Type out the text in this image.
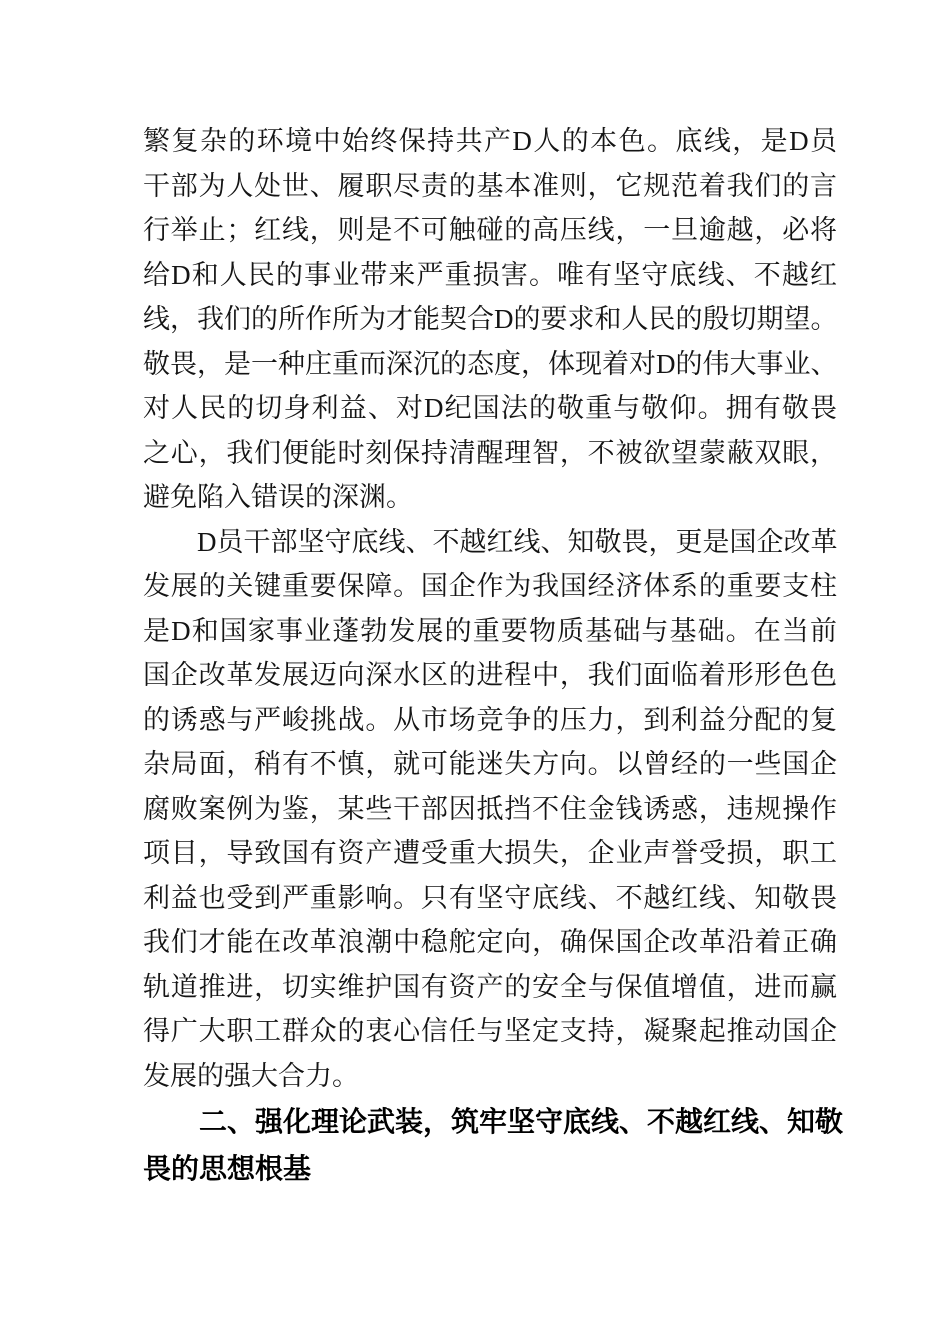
繁复杂的环境中始终保持共产D人的本色。底线，是D员
干部为人处世、履职尽责的基本准则，它规范着我们的言
行举止；红线，则是不可触碰的高压线，一旦逾越，必将
给D和人民的事业带来严重损害。唯有坚守底线、不越红
线，我们的所作所为才能契合D的要求和人民的殷切期望。
敬畏，是一种庄重而深沉的态度，体现着对D的伟大事业、
对人民的切身利益、对D纪国法的敬重与敬仰。拥有敬畏
之心，我们便能时刻保持清醒理智，不被欲望蒙蔽双眼，
避免陷入错误的深渊。
D员干部坚守底线、不越红线、知敬畏，更是国企改革
发展的关键重要保障。国企作为我国经济体系的重要支柱
是D和国家事业蓬勃发展的重要物质基础与基础。在当前
国企改革发展迈向深水区的进程中，我们面临着形形色色
的诱惑与严峻挑战。从市场竞争的压力，到利益分配的复
杂局面，稍有不慎，就可能迷失方向。以曾经的一些国企
腐败案例为鉴，某些干部因抵挡不住金钱诱惑，违规操作
项目，导致国有资产遭受重大损失，企业声誉受损，职工
利益也受到严重影响。只有坚守底线、不越红线、知敬畏
我们才能在改革浪潮中稳舵定向，确保国企改革沿着正确
轨道推进，切实维护国有资产的安全与保值增值，进而赢
得广大职工群众的衷心信任与坚定支持，凝聚起推动国企
发展的强大合力。
二、强化理论武装，筑牢坚守底线、不越红线、知敬
畏的思想根基
